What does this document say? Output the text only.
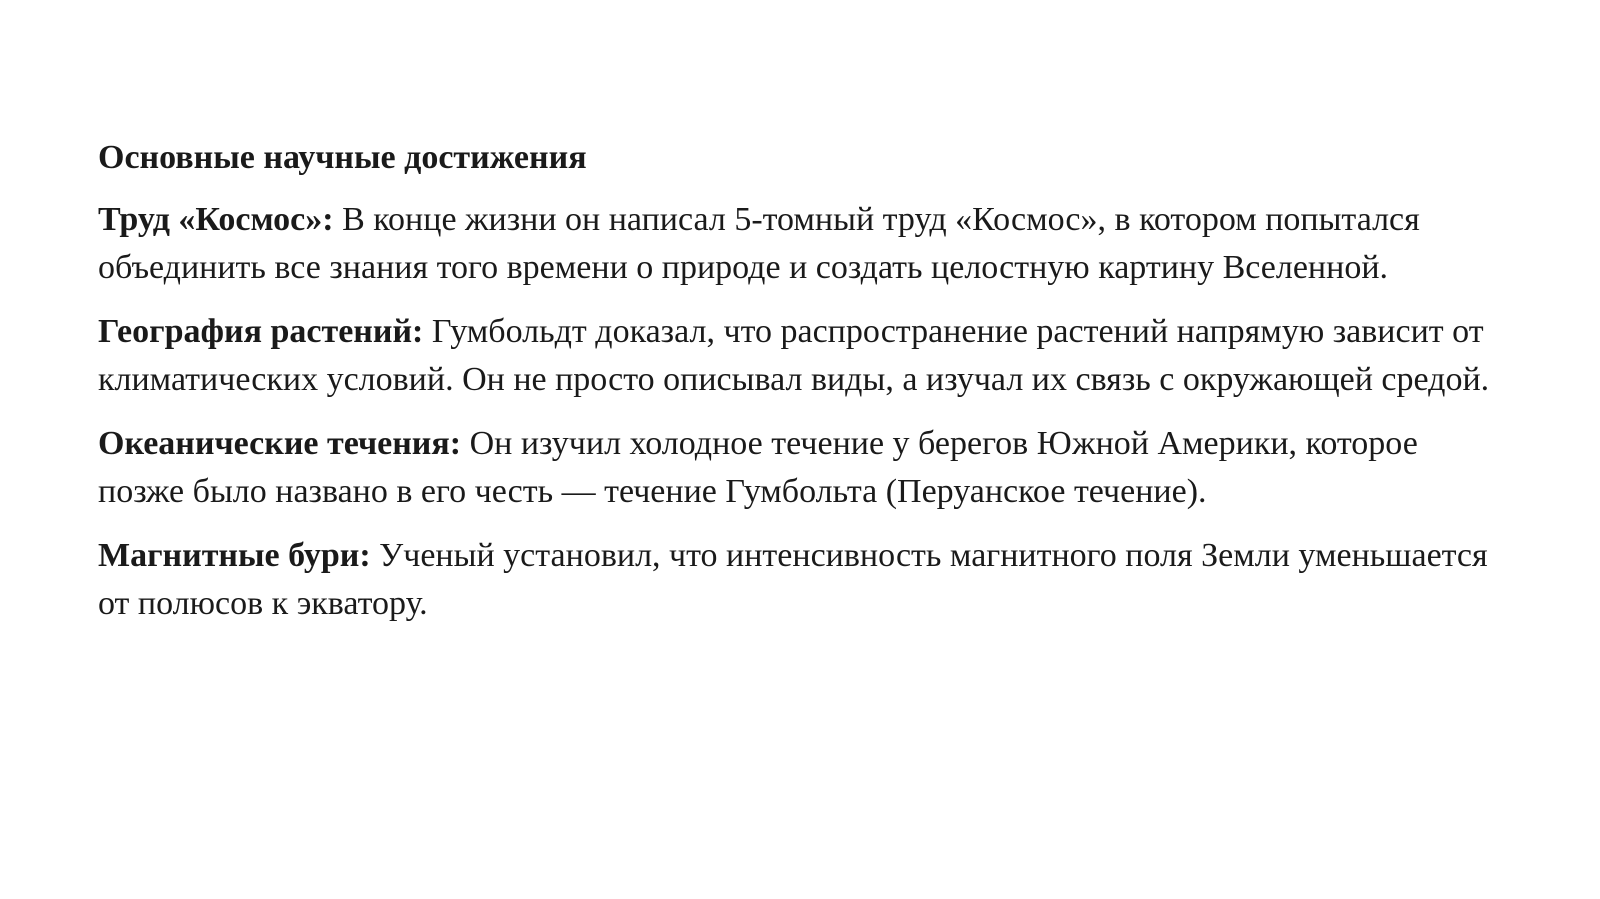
Основные научные достижения

Труд «Космос»: В конце жизни он написал 5-томный труд «Космос», в котором попытался объединить все знания того времени о природе и создать целостную картину Вселенной.

География растений: Гумбольдт доказал, что распространение растений напрямую зависит от климатических условий. Он не просто описывал виды, а изучал их связь с окружающей средой.

Океанические течения: Он изучил холодное течение у берегов Южной Америки, которое позже было названо в его честь — течение Гумбольта (Перуанское течение).

Магнитные бури: Ученый установил, что интенсивность магнитного поля Земли уменьшается от полюсов к экватору.
